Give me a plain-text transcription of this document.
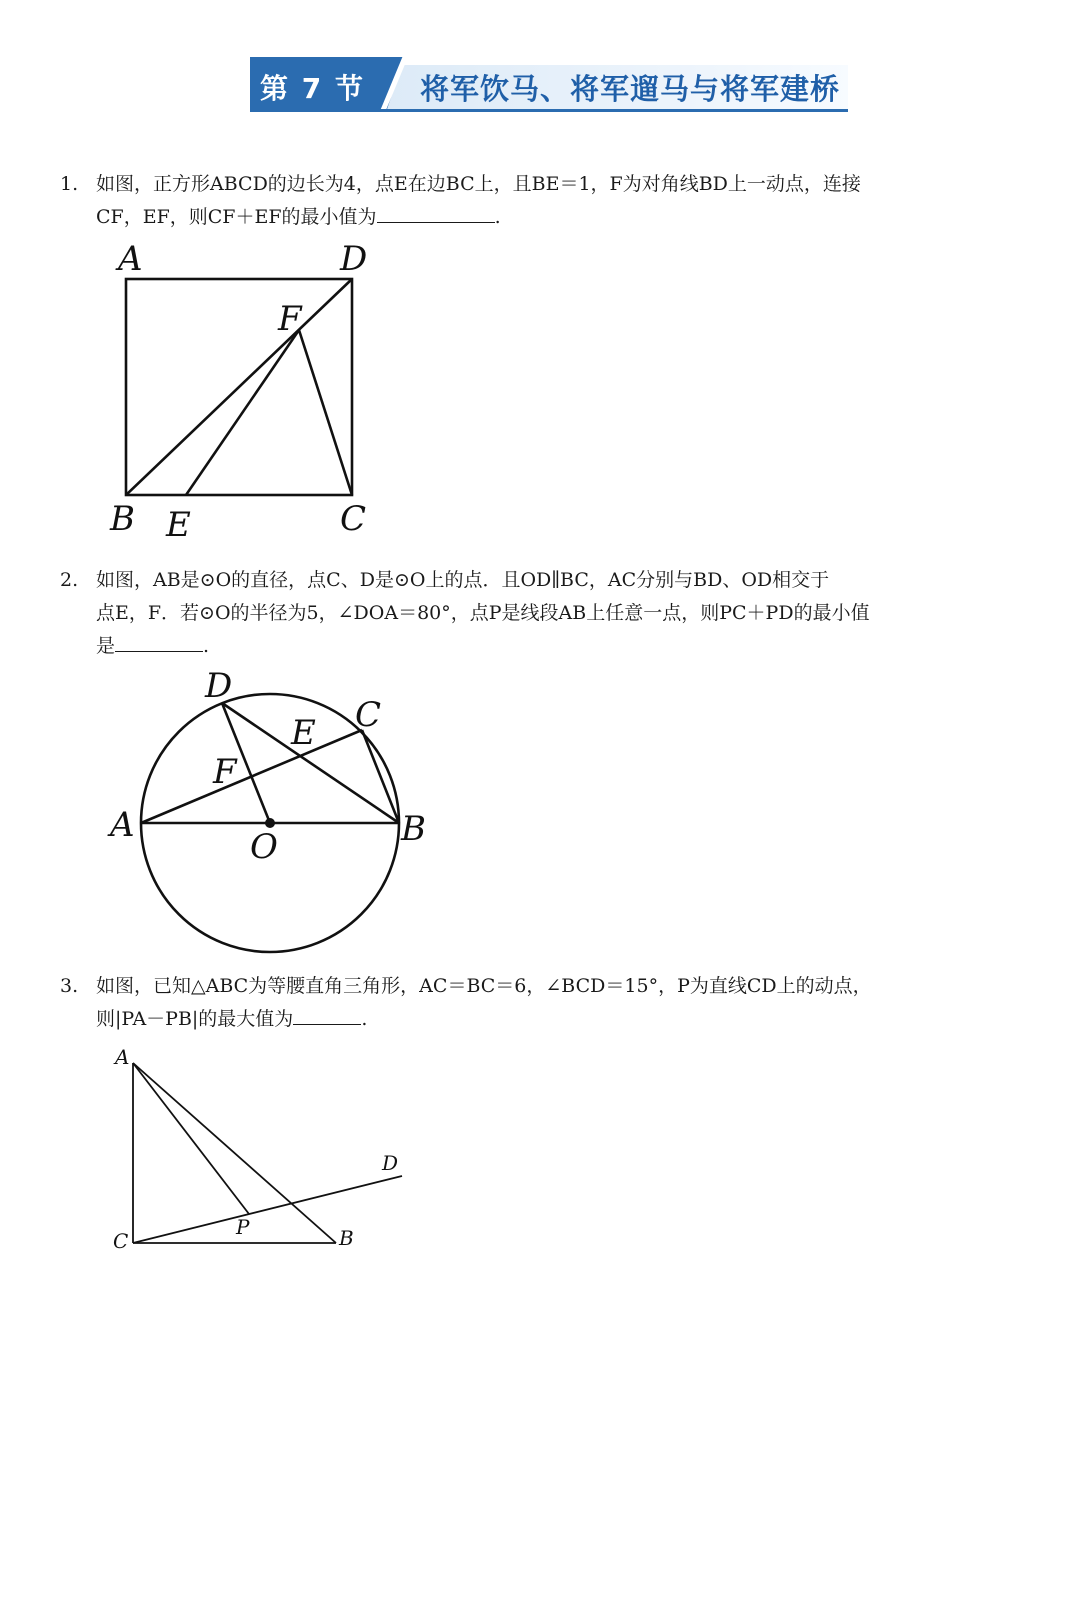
第 7 节 将军饮马、将军遛马与将军建桥
1. 如图，正方形ABCD的边长为4，点E在边BC上，且BE＝1，F为对角线BD上一动点，连接
CF，EF，则CF＋EF的最小值为	.
A	D
F
B E	C
2. 如图，AB是⊙O的直径，点C、D是⊙O上的点．且OD∥BC，AC分别与BD、OD相交于
点E，F．若⊙O的半径为5，∠DOA＝80°，点P是线段AB上任意一点，则PC＋PD的最小值
是	.
D
C
E
F
A	B
O
3. 如图，已知△ABC为等腰直角三角形，AC＝BC＝6，∠BCD＝15°，P为直线CD上的动点，
则|PA－PB|的最大值为	.
A
D
P
C	B
